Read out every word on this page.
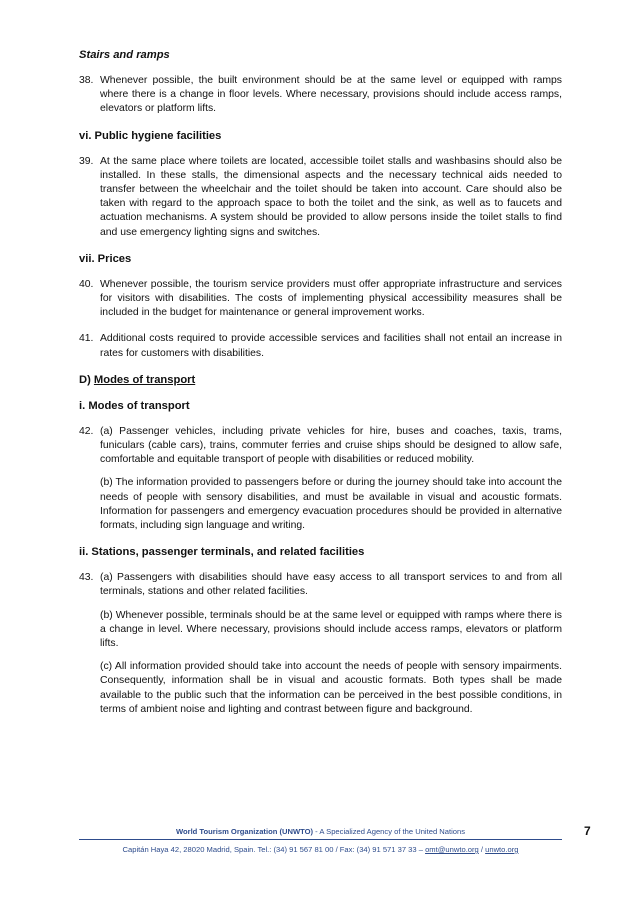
Stairs and ramps

38. Whenever possible, the built environment should be at the same level or equipped with ramps where there is a change in floor levels. Where necessary, provisions should include access ramps, elevators or platform lifts.

vi. Public hygiene facilities

39. At the same place where toilets are located, accessible toilet stalls and washbasins should also be installed. In these stalls, the dimensional aspects and the necessary technical aids needed to transfer between the wheelchair and the toilet should be taken into account. Care should also be taken with regard to the approach space to both the toilet and the sink, as well as to faucets and actuation mechanisms. A system should be provided to allow persons inside the toilet stalls to find and use emergency lighting signs and switches.

vii. Prices

40. Whenever possible, the tourism service providers must offer appropriate infrastructure and services for visitors with disabilities. The costs of implementing physical accessibility measures shall be included in the budget for maintenance or general improvement works.
41. Additional costs required to provide accessible services and facilities shall not entail an increase in rates for customers with disabilities.

D) Modes of transport

i. Modes of transport

42. (a) Passenger vehicles, including private vehicles for hire, buses and coaches, taxis, trams, funiculars (cable cars), trains, commuter ferries and cruise ships should be designed to allow safe, comfortable and equitable transport of people with disabilities or reduced mobility.

(b) The information provided to passengers before or during the journey should take into account the needs of people with sensory disabilities, and must be available in visual and acoustic formats. Information for passengers and emergency evacuation procedures should be provided in alternative formats, including sign language and writing.

ii. Stations, passenger terminals, and related facilities

43. (a) Passengers with disabilities should have easy access to all transport services to and from all terminals, stations and other related facilities.

(b) Whenever possible, terminals should be at the same level or equipped with ramps where there is a change in level. Where necessary, provisions should include access ramps, elevators or platform lifts.

(c) All information provided should take into account the needs of people with sensory impairments. Consequently, information shall be in visual and acoustic formats. Both types shall be made available to the public such that the information can be perceived in the best possible conditions, in terms of ambient noise and lighting and contrast between figure and background.

World Tourism Organization (UNWTO) - A Specialized Agency of the United Nations
Capitán Haya 42, 28020 Madrid, Spain. Tel.: (34) 91 567 81 00 / Fax: (34) 91 571 37 33 – omt@unwto.org / unwto.org
7
